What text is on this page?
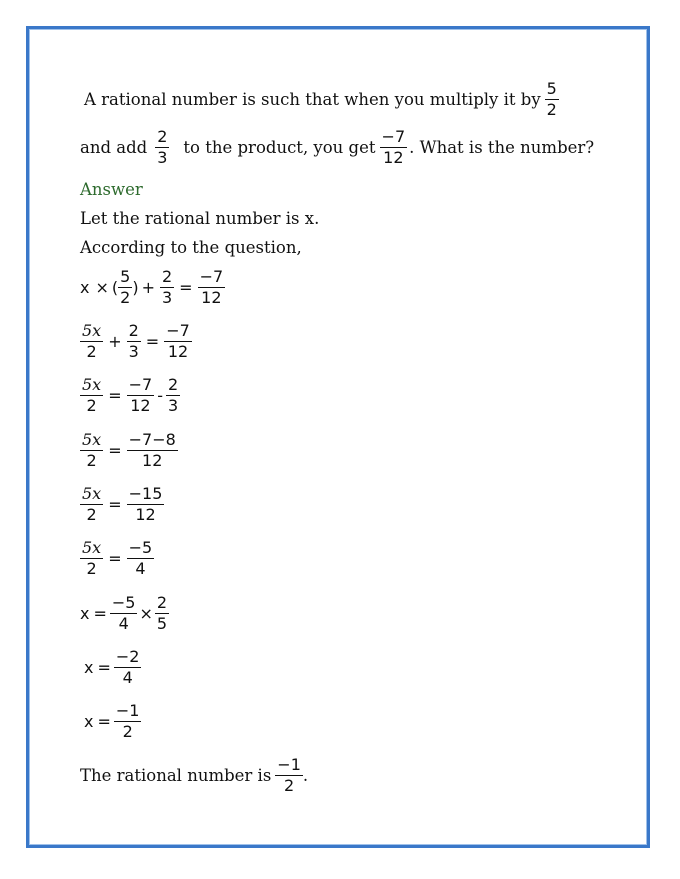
A rational number is such that when you multiply it by $\frac{5}{2}$
and add $\frac{2}{3}$ to the product, you get $\frac{-7}{12}$ . What is the number?
Answer
Let the rational number is x.
According to the question,
x × ( $\frac{5}{2}$ ) + $\frac{2}{3} = \frac{-7}{12}$
$\frac{5x}{2} + \frac{2}{3} = \frac{-7}{12}$
$\frac{5x}{2} = \frac{-7}{12} - \frac{2}{3}$
$\frac{5x}{2} = \frac{-7-8}{12}$
$\frac{5x}{2} = \frac{-15}{12}$
$\frac{5x}{2} = \frac{-5}{4}$
$x = \frac{-5}{4} \times \frac{2}{5}$
$x = \frac{-2}{4}$
$x = \frac{-1}{2}$
The rational number is $\frac{-1}{2}$ .
